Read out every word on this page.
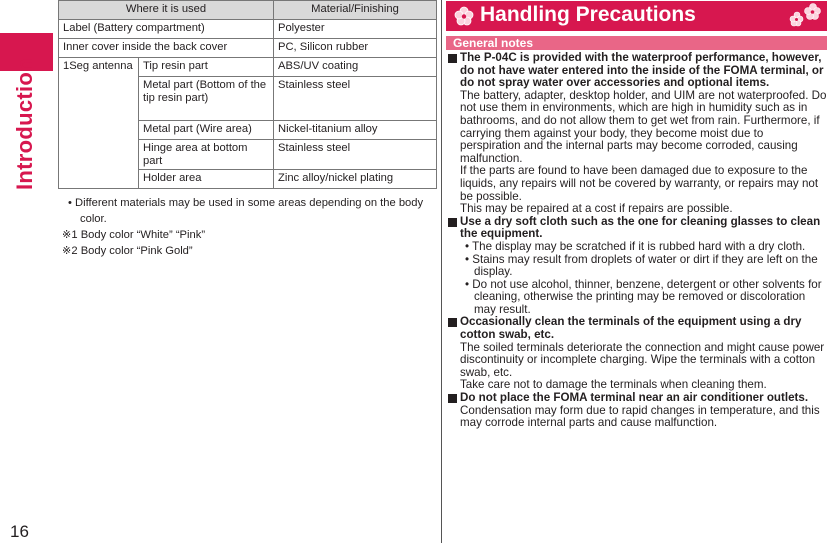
Introduction
16
Where it is used		Material/Finishing
Label (Battery compartment)		Polyester
Inner cover inside the back cover		PC, Silicon rubber
1Seg antenna	Tip resin part	ABS/UV coating
	Metal part (Bottom of the tip resin part)	Stainless steel
	Metal part (Wire area)	Nickel-titanium alloy
	Hinge area at bottom part	Stainless steel
	Holder area	Zinc alloy/nickel plating
• Different materials may be used in some areas depending on the body color.
※1 Body color “White” “Pink”
※2 Body color “Pink Gold”
Handling Precautions
General notes

The P-04C is provided with the waterproof performance, however, do not have water entered into the inside of the FOMA terminal, or do not spray water over accessories and optional items.

The battery, adapter, desktop holder, and UIM are not waterproofed. Do not use them in environments, which are high in humidity such as in bathrooms, and do not allow them to get wet from rain. Furthermore, if carrying them against your body, they become moist due to perspiration and the internal parts may become corroded, causing malfunction.

If the parts are found to have been damaged due to exposure to the liquids, any repairs will not be covered by warranty, or repairs may not be possible.

This may be repaired at a cost if repairs are possible.

Use a dry soft cloth such as the one for cleaning glasses to clean the equipment.

• The display may be scratched if it is rubbed hard with a dry cloth.

• Stains may result from droplets of water or dirt if they are left on the display.

• Do not use alcohol, thinner, benzene, detergent or other solvents for cleaning, otherwise the printing may be removed or discoloration may result.

Occasionally clean the terminals of the equipment using a dry cotton swab, etc.

The soiled terminals deteriorate the connection and might cause power discontinuity or incomplete charging. Wipe the terminals with a cotton swab, etc.

Take care not to damage the terminals when cleaning them.

Do not place the FOMA terminal near an air conditioner outlets.

Condensation may form due to rapid changes in temperature, and this may corrode internal parts and cause malfunction.
